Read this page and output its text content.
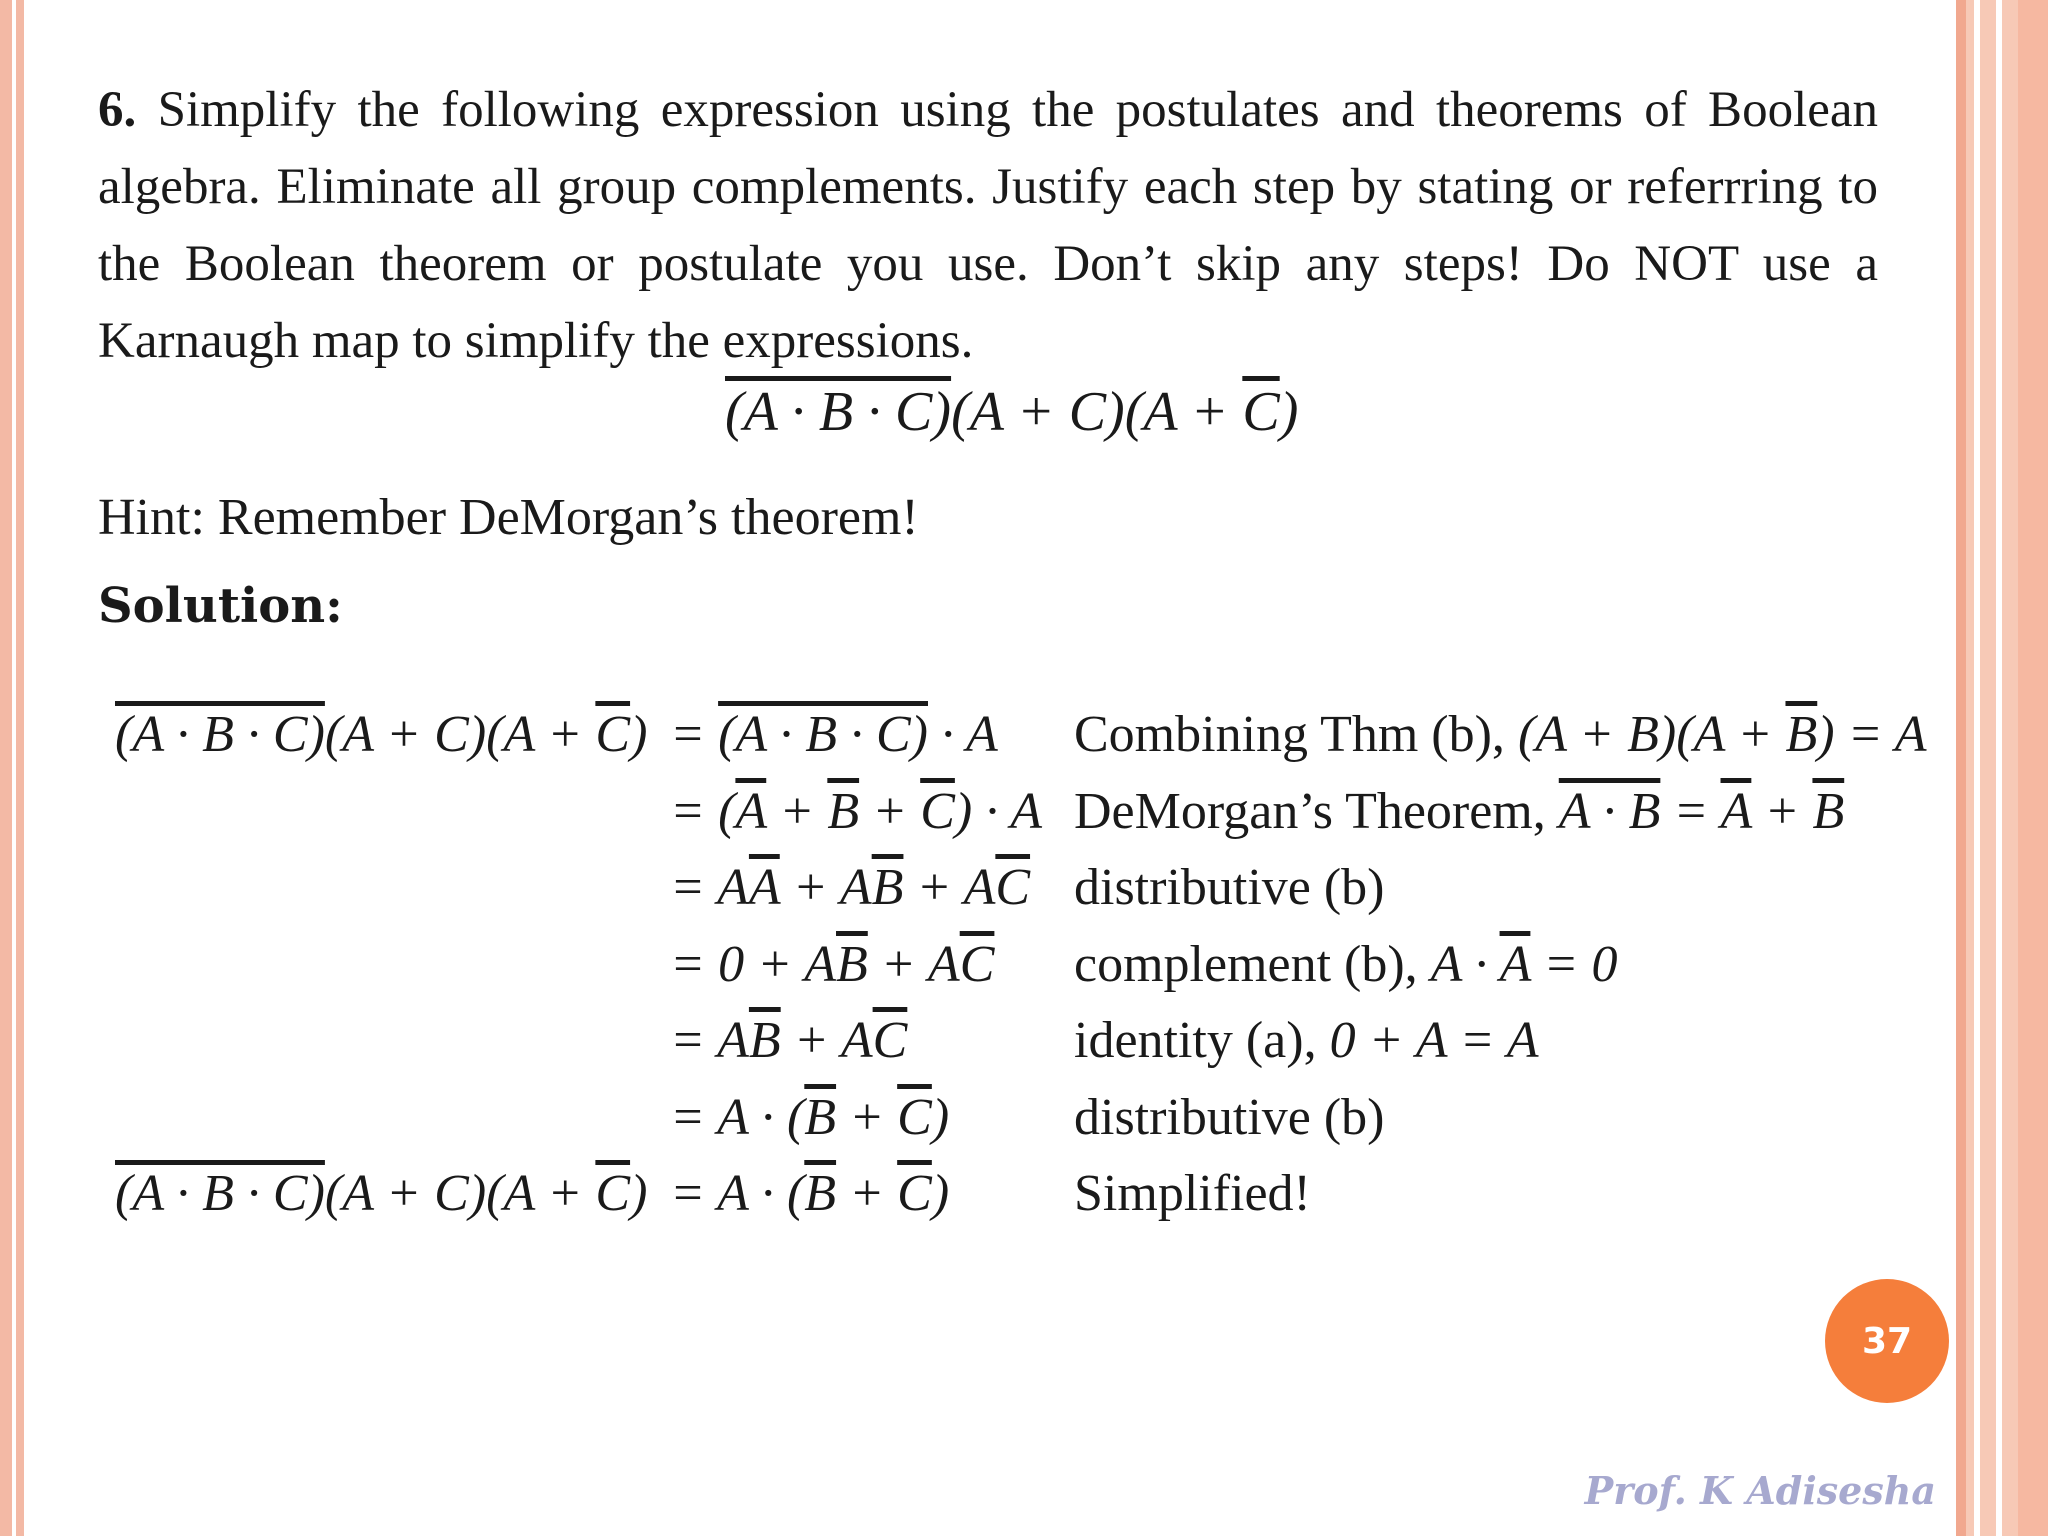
6. Simplify the following expression using the postulates and theorems of Boolean algebra. Eliminate all group complements. Justify each step by stating or referrring to the Boolean theorem or postulate you use. Don’t skip any steps! Do NOT use a Karnaugh map to simplify the expressions.
$(A \cdot B \cdot C)(A + C)(A + \overline{C})$
Hint: Remember DeMorgan’s theorem!
Solution:
$(A \cdot B \cdot C)(A + C)(A + \overline{C}) = (A \cdot B \cdot C) \cdot A$ Combining Thm (b), $(A + B)(A + \overline{B}) = A$
= $(\overline{A} + \overline{B} + \overline{C}) \cdot A$ DeMorgan’s Theorem, $A \cdot B = \overline{A} + \overline{B}$
= $A\overline{A} + A\overline{B} + A\overline{C}$ distributive (b)
= $0 + A\overline{B} + A\overline{C}$ complement (b), $A \cdot \overline{A} = 0$
= $A\overline{B} + A\overline{C}$	identity (a), 0 + A = A
= $A \cdot (\overline{B} + \overline{C})$ distributive (b)
$(A \cdot B \cdot C)(A + C)(A + \overline{C}) = A \cdot (\overline{B} + \overline{C})$ Simplified!
37
Prof. K Adisesha
